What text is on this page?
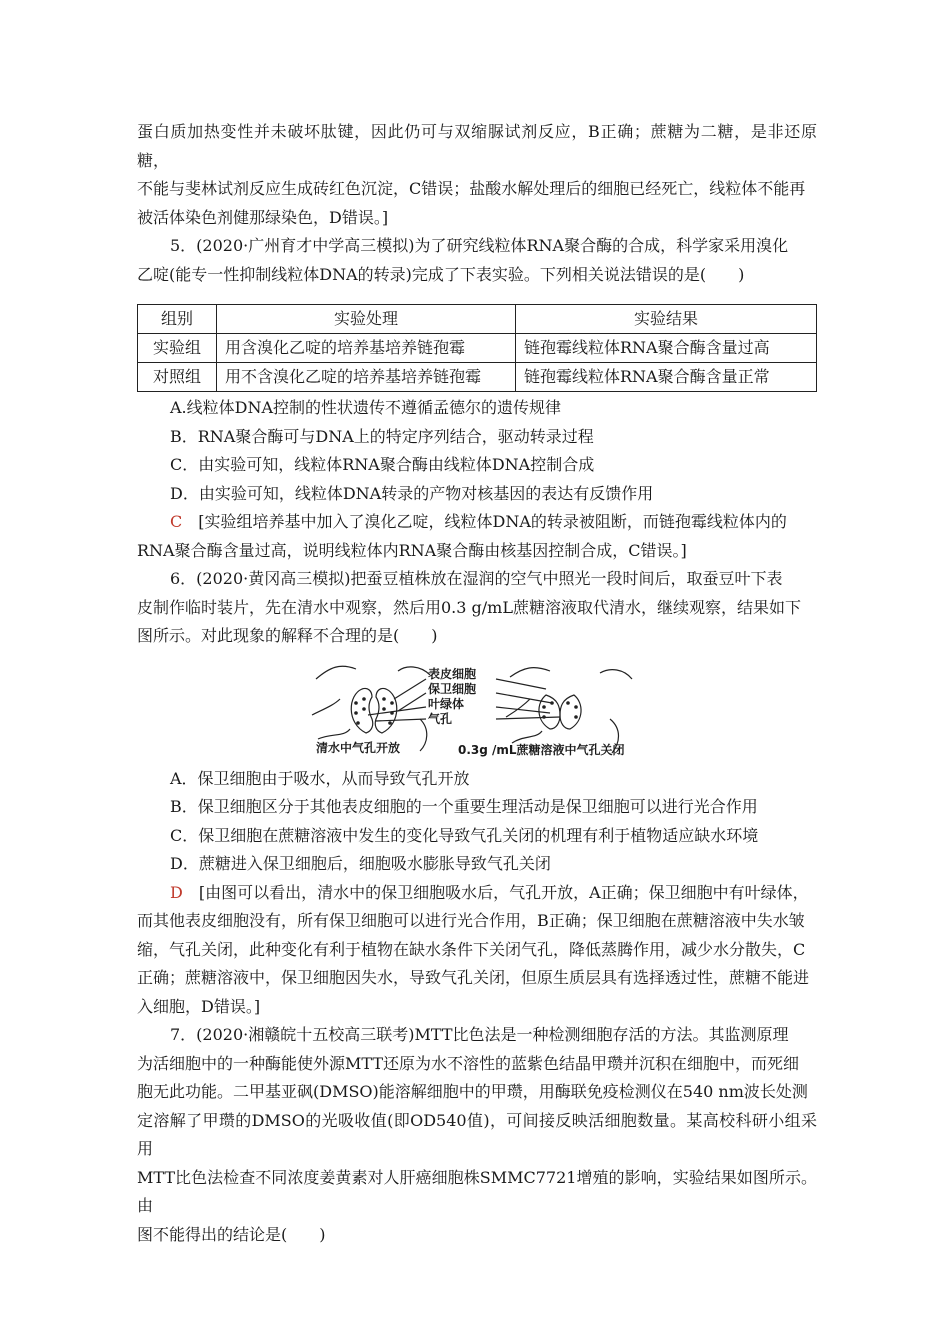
蛋白质加热变性并未破坏肽键，因此仍可与双缩脲试剂反应，B正确；蔗糖为二糖，是非还原糖，

不能与斐林试剂反应生成砖红色沉淀，C错误；盐酸水解处理后的细胞已经死亡，线粒体不能再

被活体染色剂健那绿染色，D错误。]

5．(2020·广州育才中学高三模拟)为了研究线粒体RNA聚合酶的合成，科学家采用溴化

乙啶(能专一性抑制线粒体DNA的转录)完成了下表实验。下列相关说法错误的是(　　)

组别	实验处理	实验结果
实验组	用含溴化乙啶的培养基培养链孢霉	链孢霉线粒体RNA聚合酶含量过高
对照组	用不含溴化乙啶的培养基培养链孢霉	链孢霉线粒体RNA聚合酶含量正常

A.线粒体DNA控制的性状遗传不遵循孟德尔的遗传规律

B．RNA聚合酶可与DNA上的特定序列结合，驱动转录过程

C．由实验可知，线粒体RNA聚合酶由线粒体DNA控制合成

D．由实验可知，线粒体DNA转录的产物对核基因的表达有反馈作用

C　[实验组培养基中加入了溴化乙啶，线粒体DNA的转录被阻断，而链孢霉线粒体内的

RNA聚合酶含量过高，说明线粒体内RNA聚合酶由核基因控制合成，C错误。]

6．(2020·黄冈高三模拟)把蚕豆植株放在湿润的空气中照光一段时间后，取蚕豆叶下表

皮制作临时装片，先在清水中观察，然后用0.3 g/mL蔗糖溶液取代清水，继续观察，结果如下

图所示。对此现象的解释不合理的是(　　)

表皮细胞
保卫细胞
叶绿体
气孔
清水中气孔开放	0.3g /mL蔗糖溶液中气孔关闭

A．保卫细胞由于吸水，从而导致气孔开放

B．保卫细胞区分于其他表皮细胞的一个重要生理活动是保卫细胞可以进行光合作用

C．保卫细胞在蔗糖溶液中发生的变化导致气孔关闭的机理有利于植物适应缺水环境

D．蔗糖进入保卫细胞后，细胞吸水膨胀导致气孔关闭

D　[由图可以看出，清水中的保卫细胞吸水后，气孔开放，A正确；保卫细胞中有叶绿体，

而其他表皮细胞没有，所有保卫细胞可以进行光合作用，B正确；保卫细胞在蔗糖溶液中失水皱

缩，气孔关闭，此种变化有利于植物在缺水条件下关闭气孔，降低蒸腾作用，减少水分散失，C

正确；蔗糖溶液中，保卫细胞因失水，导致气孔关闭，但原生质层具有选择透过性，蔗糖不能进

入细胞，D错误。]

7．(2020·湘赣皖十五校高三联考)MTT比色法是一种检测细胞存活的方法。其监测原理

为活细胞中的一种酶能使外源MTT还原为水不溶性的蓝紫色结晶甲瓒并沉积在细胞中，而死细

胞无此功能。二甲基亚砜(DMSO)能溶解细胞中的甲瓒，用酶联免疫检测仪在540 nm波长处测

定溶解了甲瓒的DMSO的光吸收值(即OD540值)，可间接反映活细胞数量。某高校科研小组采用

MTT比色法检查不同浓度姜黄素对人肝癌细胞株SMMC7721增殖的影响，实验结果如图所示。由

图不能得出的结论是(　　)
